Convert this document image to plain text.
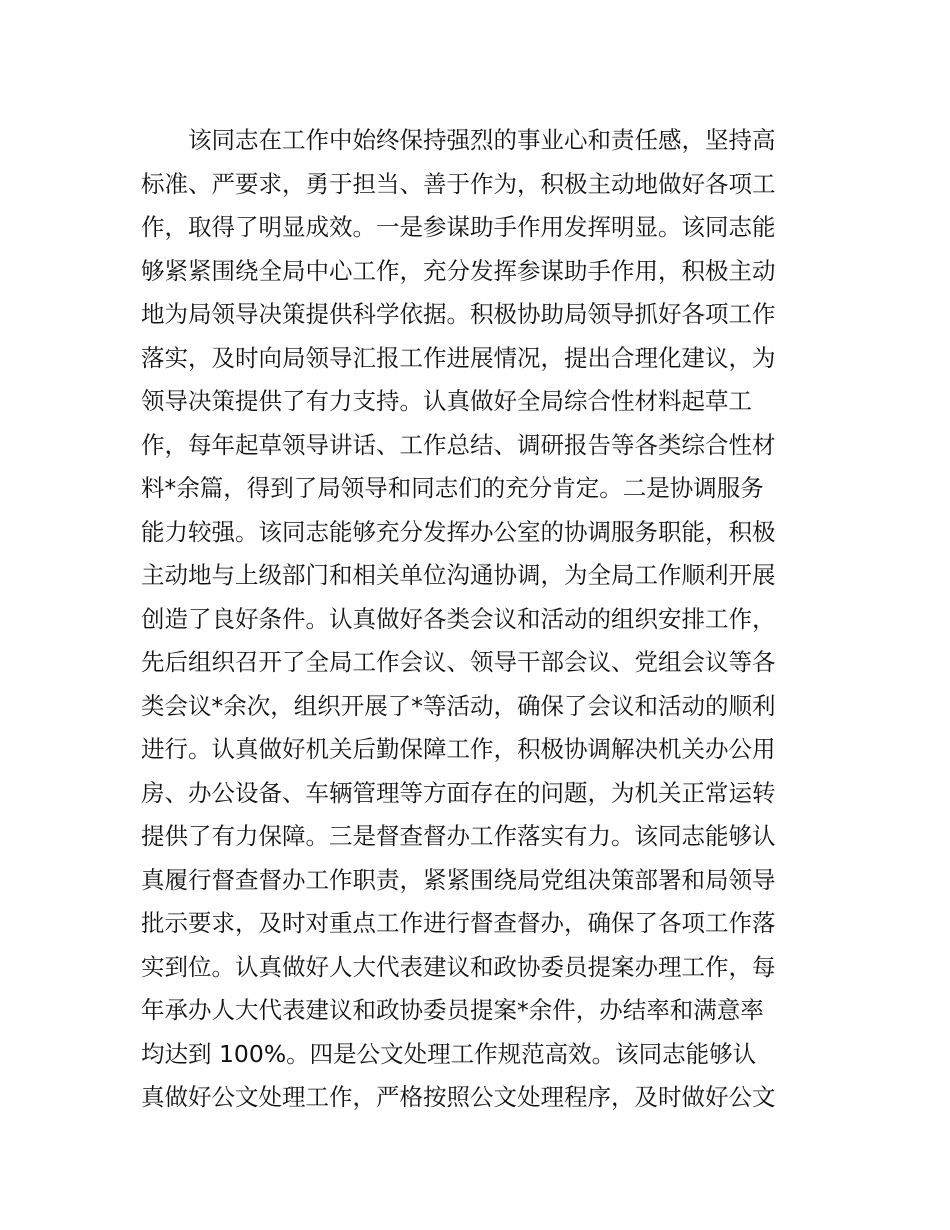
该同志在工作中始终保持强烈的事业心和责任感，坚持高
标准、严要求，勇于担当、善于作为，积极主动地做好各项工
作，取得了明显成效。一是参谋助手作用发挥明显。该同志能
够紧紧围绕全局中心工作，充分发挥参谋助手作用，积极主动
地为局领导决策提供科学依据。积极协助局领导抓好各项工作
落实，及时向局领导汇报工作进展情况，提出合理化建议，为
领导决策提供了有力支持。认真做好全局综合性材料起草工
作，每年起草领导讲话、工作总结、调研报告等各类综合性材
料*余篇，得到了局领导和同志们的充分肯定。二是协调服务
能力较强。该同志能够充分发挥办公室的协调服务职能，积极
主动地与上级部门和相关单位沟通协调，为全局工作顺利开展
创造了良好条件。认真做好各类会议和活动的组织安排工作，
先后组织召开了全局工作会议、领导干部会议、党组会议等各
类会议*余次，组织开展了*等活动，确保了会议和活动的顺利
进行。认真做好机关后勤保障工作，积极协调解决机关办公用
房、办公设备、车辆管理等方面存在的问题，为机关正常运转
提供了有力保障。三是督查督办工作落实有力。该同志能够认
真履行督查督办工作职责，紧紧围绕局党组决策部署和局领导
批示要求，及时对重点工作进行督查督办，确保了各项工作落
实到位。认真做好人大代表建议和政协委员提案办理工作，每
年承办人大代表建议和政协委员提案*余件，办结率和满意率
均达到 100%。四是公文处理工作规范高效。该同志能够认
真做好公文处理工作，严格按照公文处理程序，及时做好公文
